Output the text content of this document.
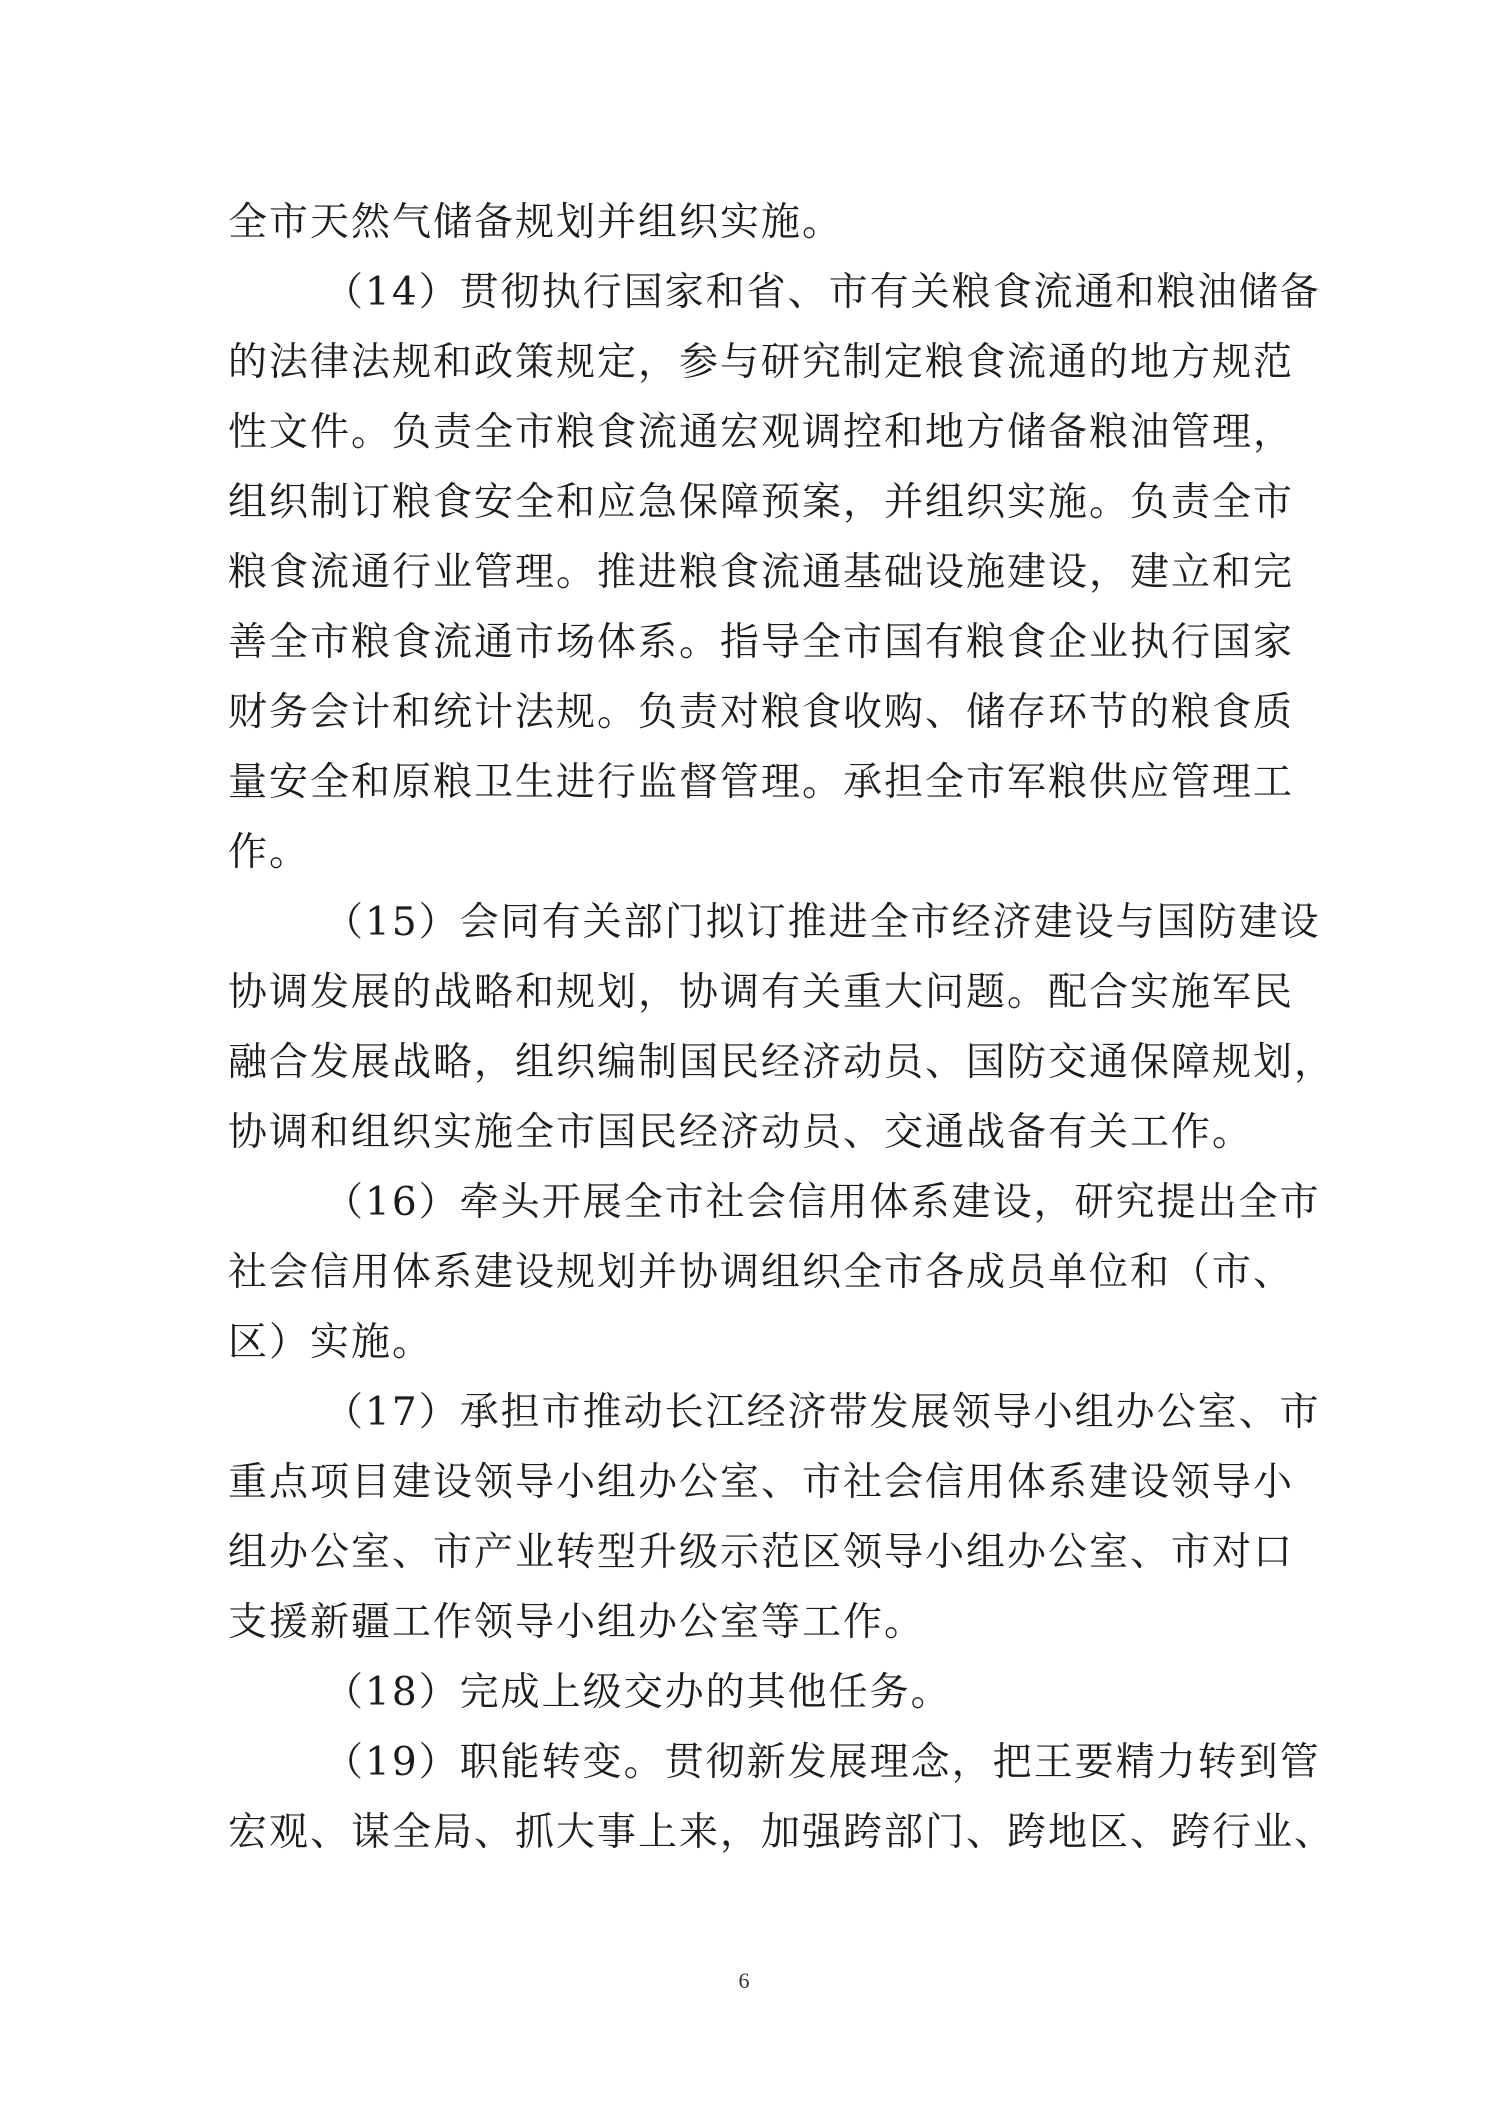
全市天然气储备规划并组织实施。
（14）贯彻执行国家和省、市有关粮食流通和粮油储备
的法律法规和政策规定，参与研究制定粮食流通的地方规范
性文件。负责全市粮食流通宏观调控和地方储备粮油管理，
组织制订粮食安全和应急保障预案，并组织实施。负责全市
粮食流通行业管理。推进粮食流通基础设施建设，建立和完
善全市粮食流通市场体系。指导全市国有粮食企业执行国家
财务会计和统计法规。负责对粮食收购、储存环节的粮食质
量安全和原粮卫生进行监督管理。承担全市军粮供应管理工
作。
（15）会同有关部门拟订推进全市经济建设与国防建设
协调发展的战略和规划，协调有关重大问题。配合实施军民
融合发展战略，组织编制国民经济动员、国防交通保障规划，
协调和组织实施全市国民经济动员、交通战备有关工作。
（16）牵头开展全市社会信用体系建设，研究提出全市
社会信用体系建设规划并协调组织全市各成员单位和（市、
区）实施。
（17）承担市推动长江经济带发展领导小组办公室、市
重点项目建设领导小组办公室、市社会信用体系建设领导小
组办公室、市产业转型升级示范区领导小组办公室、市对口
支援新疆工作领导小组办公室等工作。
（18）完成上级交办的其他任务。
（19）职能转变。贯彻新发展理念，把王要精力转到管
宏观、谋全局、抓大事上来，加强跨部门、跨地区、跨行业、
6
